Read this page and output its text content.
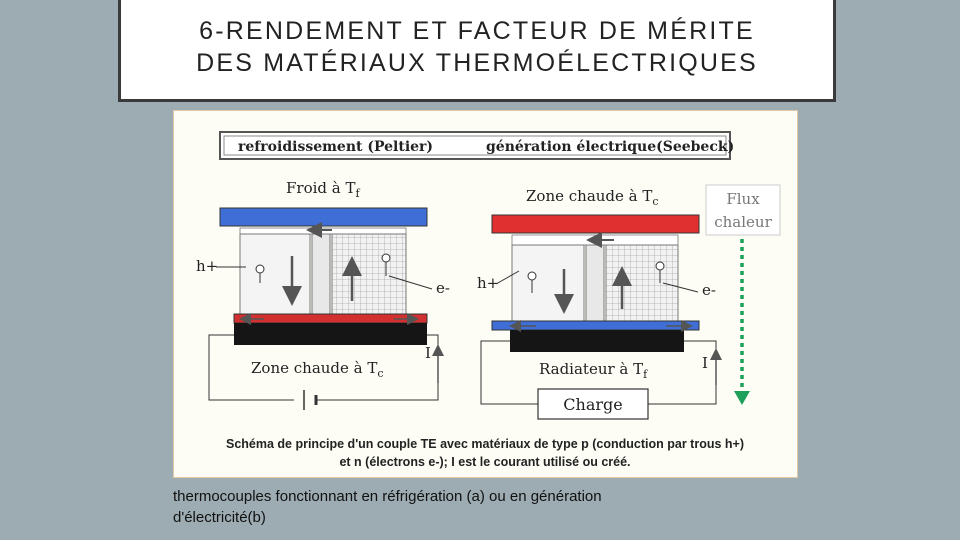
6-RENDEMENT ET FACTEUR DE MÉRITE
DES MATÉRIAUX THERMOÉLECTRIQUES
refroidissement (Peltier)	génération électrique(Seebeck)
Froid à $T_f$
h+
e-
I
Zone chaude à $T_c$
Zone chaude à $T_c$
h+	e-
Radiateur à $T_f$
Charge
I
Flux
chaleur
Schéma de principe d'un couple TE avec matériaux de type p (conduction par trous h+)
et n (électrons e-); I est le courant utilisé ou créé.
thermocouples fonctionnant en réfrigération (a) ou en génération
d'électricité(b)
